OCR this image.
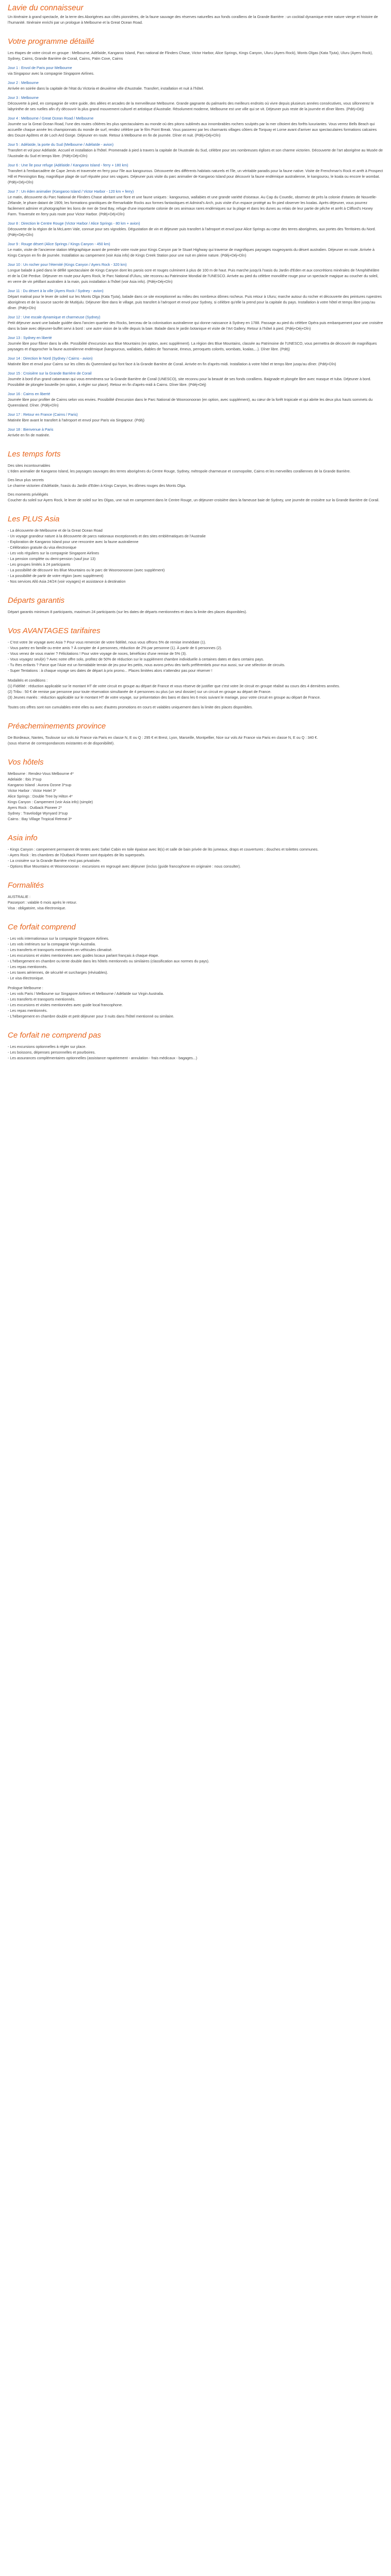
Lavie du connaisseur

Un itinéraire à grand spectacle, de la terre des Aborigènes aux côtés pionnières, de la faune sauvage des réserves naturelles aux fonds coralliens de la Grande Barrière : un cocktail dynamique entre nature vierge et histoire de l'humanité. Itinéraire enrichi par un prologue à Melbourne et la Great Ocean Road.

Votre programme détaillé

Les étapes de votre circuit en groupe : Melbourne, Adélaïde, Kangaroo Island, Parc national de Flinders Chase, Victor Harbor, Alice Springs, Kings Canyon, Uluru (Ayers Rock), Monts Olgas (Kata Tjuta), Uluru (Ayers Rock), Sydney, Cairns, Grande Barrière de Corail, Cairns, Palm Cove, Cairns

Jour 1 : Envol de Paris pour Melbourne

via Singapour avec la compagnie Singapore Airlines.

Jour 2 : Melbourne

Arrivée en soirée dans la capitale de l'état du Victoria et deuxième ville d'Australie. Transfert, installation et nuit à l'hôtel.

Jour 3 : Melbourne

Découverte à pied, en compagnie de votre guide, des allées et arcades de la merveilleuse Melbourne. Grande gagnante du palmarès des meilleurs endroits où vivre depuis plusieurs années consécutives, vous sillonnerez le labyrinthe de ses ruelles afin d'y découvrir la plus grand mouvement culturel et artistique d'Australie. Résolument moderne, Melbourne est une ville qui se vit. Déjeuner puis reste de la journée et dîner libres. (Pdéj+Déj)

Jour 4 : Melbourne / Great Ocean Road / Melbourne

Journée sur la Great Ocean Road, l'une des routes côtières les plus spectaculaires au monde où des pitons sublimés aux innombrables rochers sculptés par la mer côtoient des forêts luxuriantes. Vous verrez Bells Beach qui accueille chaque année les championnats du monde de surf, rendez célèbre par le film Point Break. Vous passerez par les charmants villages côtiers de Torquay et Lorne avant d'arriver aux spectaculaires formations calcaires des Douze Apôtres et de Loch Ard Gorge. Déjeuner en route. Retour à Melbourne en fin de journée. Dîner et nuit. (Pdéj+Déj+Dîn)

Jour 5 : Adélaïde, la porte du Sud (Melbourne / Adélaïde - avion)

Transfert et vol pour Adélaïde. Accueil et installation à l'hôtel. Promenade à pied à travers la capitale de l'Australie du Sud, célèbre pour ses nombreuses églises et son charme victorien. Découverte de l'art aborigène au Musée de l'Australie du Sud et temps libre. (Pdéj+Déj+Dîn)

Jour 6 : Une île pour refuge (Adélaïde / Kangaroo Island - ferry + 180 km)

Transfert à l'embarcadère de Cape Jervis et traversée en ferry pour l'île aux kangourous. Découverte des différents habitats naturels et l'île, un véritable paradis pour la faune native. Visite de Frenchman's Rock et arrêt à Prospect Hill et Pennington Bay, magnifique plage de surf réputée pour ses vagues. Déjeuner puis visite du parc animalier de Kangaroo Island pour découvrir la faune endémique australienne, le kangourou, le koala ou encore le wombat. (Pdéj+Déj+Dîn)

Jour 7 : Un éden animalier (Kangaroo Island / Victor Harbor - 120 km + ferry)

Le matin, découverte du Parc National de Flinders Chase abritant une flore et une faune uniques : kangourous, wallabies et une grande variété d'oiseaux. Au Cap du Couedic, observez de près la colonie d'otaries de Nouvelle-Zélande, le phare datant de 1909, les formations granitiques de Remarkable Rocks aux formes fantastiques et Admiral's Arch, puis visite d'un espace protégé au fin pied observer les koalas. Après déjeuner, vous pourrez facilement admirer et photographier les lions de mer de Seal Bay, refuge d'une importante colonie de ces animaux rares endémiques sur la plage et dans les dunes au relais de leur partie de pêche et arrêt à Clifford's Honey Farm. Traversée en ferry puis route pour Victor Harbor. (Pdéj+Déj+Dîn)

Jour 8 : Direction le Centre Rouge (Victor Harbor / Alice Springs - 80 km + avion)

Découverte de la région de la McLaren Vale, connue pour ses vignobles. Dégustation de vin et déjeuner puis transfert à l'aéroport et envol pour Alice Springs au cœur des terres aborigènes, aux portes des Territoires du Nord. (Pdéj+Déj+Dîn)

Jour 9 : Rouge désert (Alice Springs / Kings Canyon - 450 km)

Le matin, visite de l'ancienne station télégraphique avant de prendre votre route pour Kings Canyon par le Stuart Highway qui traverse de magnifiques paysages rougeoyants du désert australien. Déjeuner en route. Arrivée à Kings Canyon en fin de journée. Installation au campement (voir Asia info) de Kings Creek Station pour une nuit en pleine nature. (Pdéj+Déj+Dîn)

Jour 10 : Un rocher pour l'éternité (Kings Canyon / Ayers Rock - 320 km)

Longue balade à pied dans le défilé spectaculaire de Kings Canyon dont les parois ocre et rouges culminent à plus de 100 m de haut. Puis marche jusqu'à l'oasis du Jardin d'Eden et aux concrétions minérales de l'Amphithéâtre et de la Cité Perdue. Déjeuner en route pour Ayers Rock, le Parc National d'Uluru, site reconnu au Patrimoine Mondial de l'UNESCO. Arrivée au pied du célèbre monolithe rouge pour un spectacle magique au coucher du soleil, en verre de vin pétillant australien à la main, puis installation à l'hôtel (voir Asia info). (Pdéj+Déj+Dîn)

Jour 11 : Du désert à la ville (Ayers Rock / Sydney - avion)

Départ matinal pour le lever de soleil sur les Monts Olga (Kata Tjuta), balade dans ce site exceptionnel au milieu des nombreux dômes rocheux. Puis retour à Uluru; marche autour du rocher et découverte des peintures rupestres aborigènes et de la source sacrée de Mutitjulu. Déjeuner libre dans le village, puis transfert à l'aéroport et envol pour Sydney, si célèbre qu'elle la prend pour la capitale du pays. Installation à votre hôtel et temps libre jusqu'au dîner. (Pdéj+Dîn)

Jour 12 : Une escale dynamique et charmeuse (Sydney)

Petit déjeuner avant une balade guidée dans l'ancien quartier des Rocks, berceau de la colonisation australienne qui donne naissance à Sydney en 1788. Passage au pied du célèbre Opéra puis embarquement pour une croisière dans la baie avec déjeuner-buffet servi à bord : une autre vision de la ville depuis la baie. Balade dans le jardin botanique et visite de l'Art Gallery. Retour à l'hôtel à pied. (Pdéj+Déj+Dîn)

Jour 13 : Sydney en liberté

Journée libre pour flâner dans la ville. Possibilité d'excursion aux Blue Mountains (en option, avec supplément). La région des Blue Mountains, classée au Patrimoine de l'UNESCO, vous permettra de découvrir de magnifiques paysages et d'approcher la faune australienne endémique (kangourous, wallabies, diables de Tasmanie, émeus, perroquets colorés, wombats, koalas,...). Dîner libre. (Pdéj)

Jour 14 : Direction le Nord (Sydney / Cairns - avion)

Matinée libre et envol pour Cairns sur les côtes du Queensland qui font face à la Grande Barrière de Corail. Arrivée en fin d'après-midi. Installation à votre hôtel et temps libre jusqu'au dîner. (Pdéj+Dîn)

Jour 15 : Croisière sur la Grande Barrière de Corail

Journée à bord d'un grand catamaran qui vous emmènera sur la Grande Barrière de Corail (UNESCO), site reconnu pour la beauté de ses fonds coralliens. Baignade et plongée libre avec masque et tuba. Déjeuner à bord. Possibilité de plongée bouteille (en option, à régler sur place). Retour en fin d'après-midi à Cairns. Dîner libre. (Pdéj+Déj)

Jour 16 : Cairns en liberté

Journée libre pour profiter de Cairns selon vos envies. Possibilité d'excursion dans le Parc National de Wooroonooran (en option, avec supplément), au cœur de la forêt tropicale et qui abrite les deux plus hauts sommets du Queensland. Dîner. (Pdéj+Dîn)

Jour 17 : Retour en France (Cairns / Paris)

Matinée libre avant le transfert à l'aéroport et envol pour Paris via Singapour. (Pdéj)

Jour 18 : Bienvenue à Paris

Arrivée en fin de matinée.

Les temps forts

Des sites incontournables

L'éden animalier de Kangaroo Island, les paysages sauvages des terres aborigènes du Centre Rouge, Sydney, métropole charmeuse et cosmopolite, Cairns et les merveilles coralliennes de la Grande Barrière.

Des lieux plus secrets

Le charme victorien d'Adélaïde, l'oasis du Jardin d'Eden à Kings Canyon, les dômes rouges des Monts Olga.

Des moments privilégiés

Coucher du soleil sur Ayers Rock, le lever de soleil sur les Olgas, une nuit en campement dans le Centre Rouge, un déjeuner-croisière dans la fameuse baie de Sydney, une journée de croisière sur la Grande Barrière de Corail.

Les PLUS Asia

- La découverte de Melbourne et de la Great Ocean Road

- Un voyage grandeur nature à la découverte de parcs nationaux exceptionnels et des sites emblématiques de l'Australie

- Exploration de Kangaroo Island pour une rencontre avec la faune australienne

- Célébration gratuite du visa électronique

- Les vols réguliers sur la compagnie Singapore Airlines

- La pension complète ou demi-pension (sauf jour 13)

- Les groupes limités à 24 participants

- La possibilité de découvrir les Blue Mountains ou le parc de Wooroonooran (avec supplément)

- La possibilité de partir de votre région (avec supplément)

- Nos services Alló Asia 24/24 (voir voyages) et assistance à destination

Départs garantis

Départ garantis minimum 8 participants, maximum 24 participants (sur les dates de départs mentionnées et dans la limite des places disponibles).

Vos AVANTAGES tarifaires

- C'est votre 3e voyage avec Asia ? Pour vous remercier de votre fidélité, nous vous offrons 5% de remise immédiate (1).

- Vous partez en famille ou entre amis ? À compter de 4 personnes, réduction de 2% par personne (1). À partir de 6 personnes (2).

- Vous venez de vous marier ? Félicitations ! Pour votre voyage de noces, bénéficiez d'une remise de 5% (3).

- Vous voyagez seul(e) ? Avec notre offre solo, profitez de 50% de réduction sur le supplément chambre individuelle à certaines dates et dans certains pays.

- Tu êtes enfants ? Parce que l'Asie est un formidable terrain de jeu pour les petits, nous avons prévu des tarifs préférentiels pour eux aussi, sur une sélection de circuits.

- Super Tentations : à chaque voyage ses dates de départ à prix promo... Places limitées alors n'attendez pas pour réserver !

Modalités et conditions :

(1) Fidélité : réduction applicable sur le montant HT de votre circuit en groupe au départ de France et vous réserve de justifier que c'est votre 3e circuit en groupe réalisé au cours des 4 dernières années.

(2) Tribu : 50 € de remise par personne pour toute réservation simultanée de 4 personnes ou plus (un seul dossier) sur un circuit en groupe au départ de France.

(3) Jeunes mariés : réduction applicable sur le montant HT de votre voyage, sur présentation des bans et dans les 6 mois suivant le mariage, pour votre circuit en groupe au départ de France.

Toutes ces offres sont non cumulables entre elles ou avec d'autres promotions en cours et valables uniquement dans la limite des places disponibles.

Préacheminements province

De Bordeaux, Nantes, Toulouse sur vols Air France via Paris en classe N, E ou Q : 295 € et Brest, Lyon, Marseille, Montpellier, Nice sur vols Air France via Paris en classe N, E ou Q : 340 €.

(sous réserve de correspondances existantes et de disponibilité).

Vos hôtels

Melbourne : Rendez-Vous Melbourne 4*

Adelaide : Ibis 3*sup

Kangaroo Island : Aurora Ozone 3*sup

Victor Harbor : Victor Hotel 3*

Alice Springs : Double Tree by Hilton 4*

Kings Canyon : Campement (voir Asia info) (simple)

Ayers Rock : Outback Pioneer 2*

Sydney : Travelodge Wynyard 3*sup

Cairns : Bay Village Tropical Retreat 3*

Asia info

- Kings Canyon : campement permanent de tentes avec Safari Cabin en toile épaisse avec lit(s) et salle de bain privée de lits jumeaux, draps et couvertures ; douches et toilettes communes.

- Ayers Rock : les chambres de l'Outback Pioneer sont équipées de lits superposés.

- La croisière sur la Grande Barrière n'est pas privatisée.

- Options Blue Mountains et Wooroonooran : excursions en regroupé avec déjeuner (inclus (guide francophone en originaire : nous consulter).

Formalités

AUSTRALIE :

Passeport : valable 6 mois après le retour.

Visa : obligatoire, visa électronique.

Ce forfait comprend

- Les vols internationaux sur la compagnie Singapore Airlines.

- Les vols intérieurs sur la compagnie Virgin Australia.

- Les transferts et transports mentionnés en véhicules climatisé.

- Les excursions et visites mentionnées avec guides locaux parlant français à chaque étape.

- L'hébergement en chambre ou tente double dans les hôtels mentionnés ou similaires (classification aux normes du pays).

- Les repas mentionnés.

- Les taxes aériennes, de sécurité et surcharges (révisables).

- Le visa électronique.

Prologue Melbourne :

- Les vols Paris / Melbourne sur Singapore Airlines et Melbourne / Adélaïde sur Virgin Australia.

- Les transferts et transports mentionnés.

- Les excursions et visites mentionnées avec guide local francophone.

- Les repas mentionnés.

- L'hébergement en chambre double et petit déjeuner pour 3 nuits dans l'hôtel mentionné ou similaire.

Ce forfait ne comprend pas

- Les excursions optionnelles à régler sur place.

- Les boissons, dépenses personnelles et pourboires.

- Les assurances complémentaires optionnelles (assistance rapatriement - annulation - frais médicaux - bagages...)
